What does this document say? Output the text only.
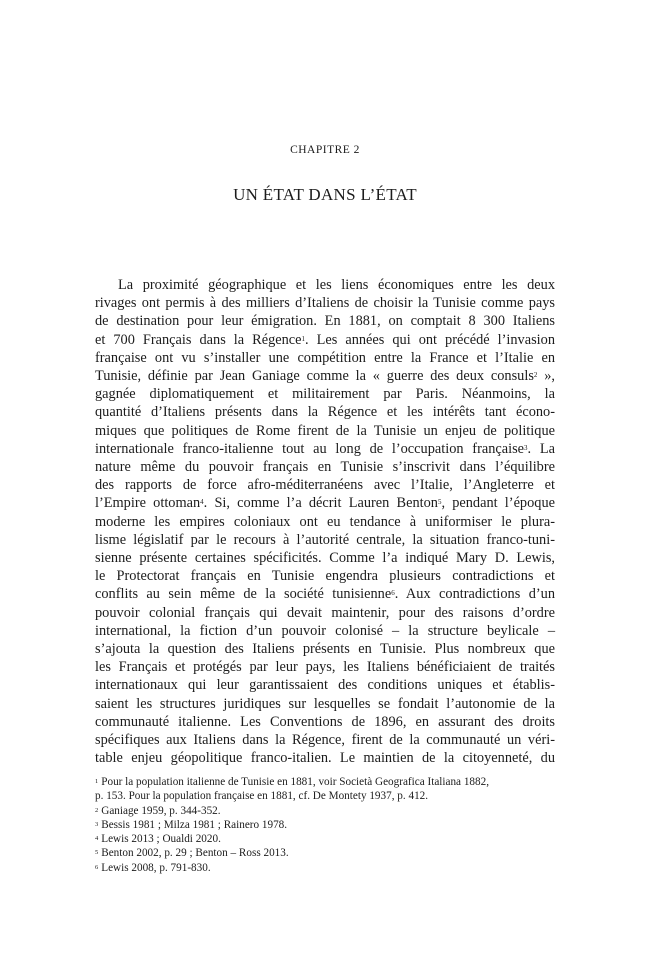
CHAPITRE 2
UN ÉTAT DANS L’ÉTAT
La proximité géographique et les liens économiques entre les deux
rivages ont permis à des milliers d’Italiens de choisir la Tunisie comme pays
de destination pour leur émigration. En 1881, on comptait 8 300 Italiens
et 700 Français dans la Régence$^1$. Les années qui ont précédé l’invasion
française ont vu s’installer une compétition entre la France et l’Italie en
Tunisie, définie par Jean Ganiage comme la « guerre des deux consuls$^2$ »,
gagnée diplomatiquement et militairement par Paris. Néanmoins, la
quantité d’Italiens présents dans la Régence et les intérêts tant écono-
miques que politiques de Rome firent de la Tunisie un enjeu de politique
internationale franco-italienne tout au long de l’occupation française$^3$. La
nature même du pouvoir français en Tunisie s’inscrivit dans l’équilibre
des rapports de force afro-méditerranéens avec l’Italie, l’Angleterre et
l’Empire ottoman$^4$. Si, comme l’a décrit Lauren Benton$^5$, pendant l’époque
moderne les empires coloniaux ont eu tendance à uniformiser le plura-
lisme législatif par le recours à l’autorité centrale, la situation franco-tuni-
sienne présente certaines spécificités. Comme l’a indiqué Mary D. Lewis,
le Protectorat français en Tunisie engendra plusieurs contradictions et
conflits au sein même de la société tunisienne$^6$. Aux contradictions d’un
pouvoir colonial français qui devait maintenir, pour des raisons d’ordre
international, la fiction d’un pouvoir colonisé – la structure beylicale –
s’ajouta la question des Italiens présents en Tunisie. Plus nombreux que
les Français et protégés par leur pays, les Italiens bénéficiaient de traités
internationaux qui leur garantissaient des conditions uniques et établis-
saient les structures juridiques sur lesquelles se fondait l’autonomie de la
communauté italienne. Les Conventions de 1896, en assurant des droits
spécifiques aux Italiens dans la Régence, firent de la communauté un véri-
table enjeu géopolitique franco-italien. Le maintien de la citoyenneté, du
$^1$ Pour la population italienne de Tunisie en 1881, voir Società Geografica Italiana 1882,
p. 153. Pour la population française en 1881, cf. De Montety 1937, p. 412.
$^2$ Ganiage 1959, p. 344-352.
$^3$ Bessis 1981 ; Milza 1981 ; Rainero 1978.
$^4$ Lewis 2013 ; Oualdi 2020.
$^5$ Benton 2002, p. 29 ; Benton – Ross 2013.
$^6$ Lewis 2008, p. 791-830.
